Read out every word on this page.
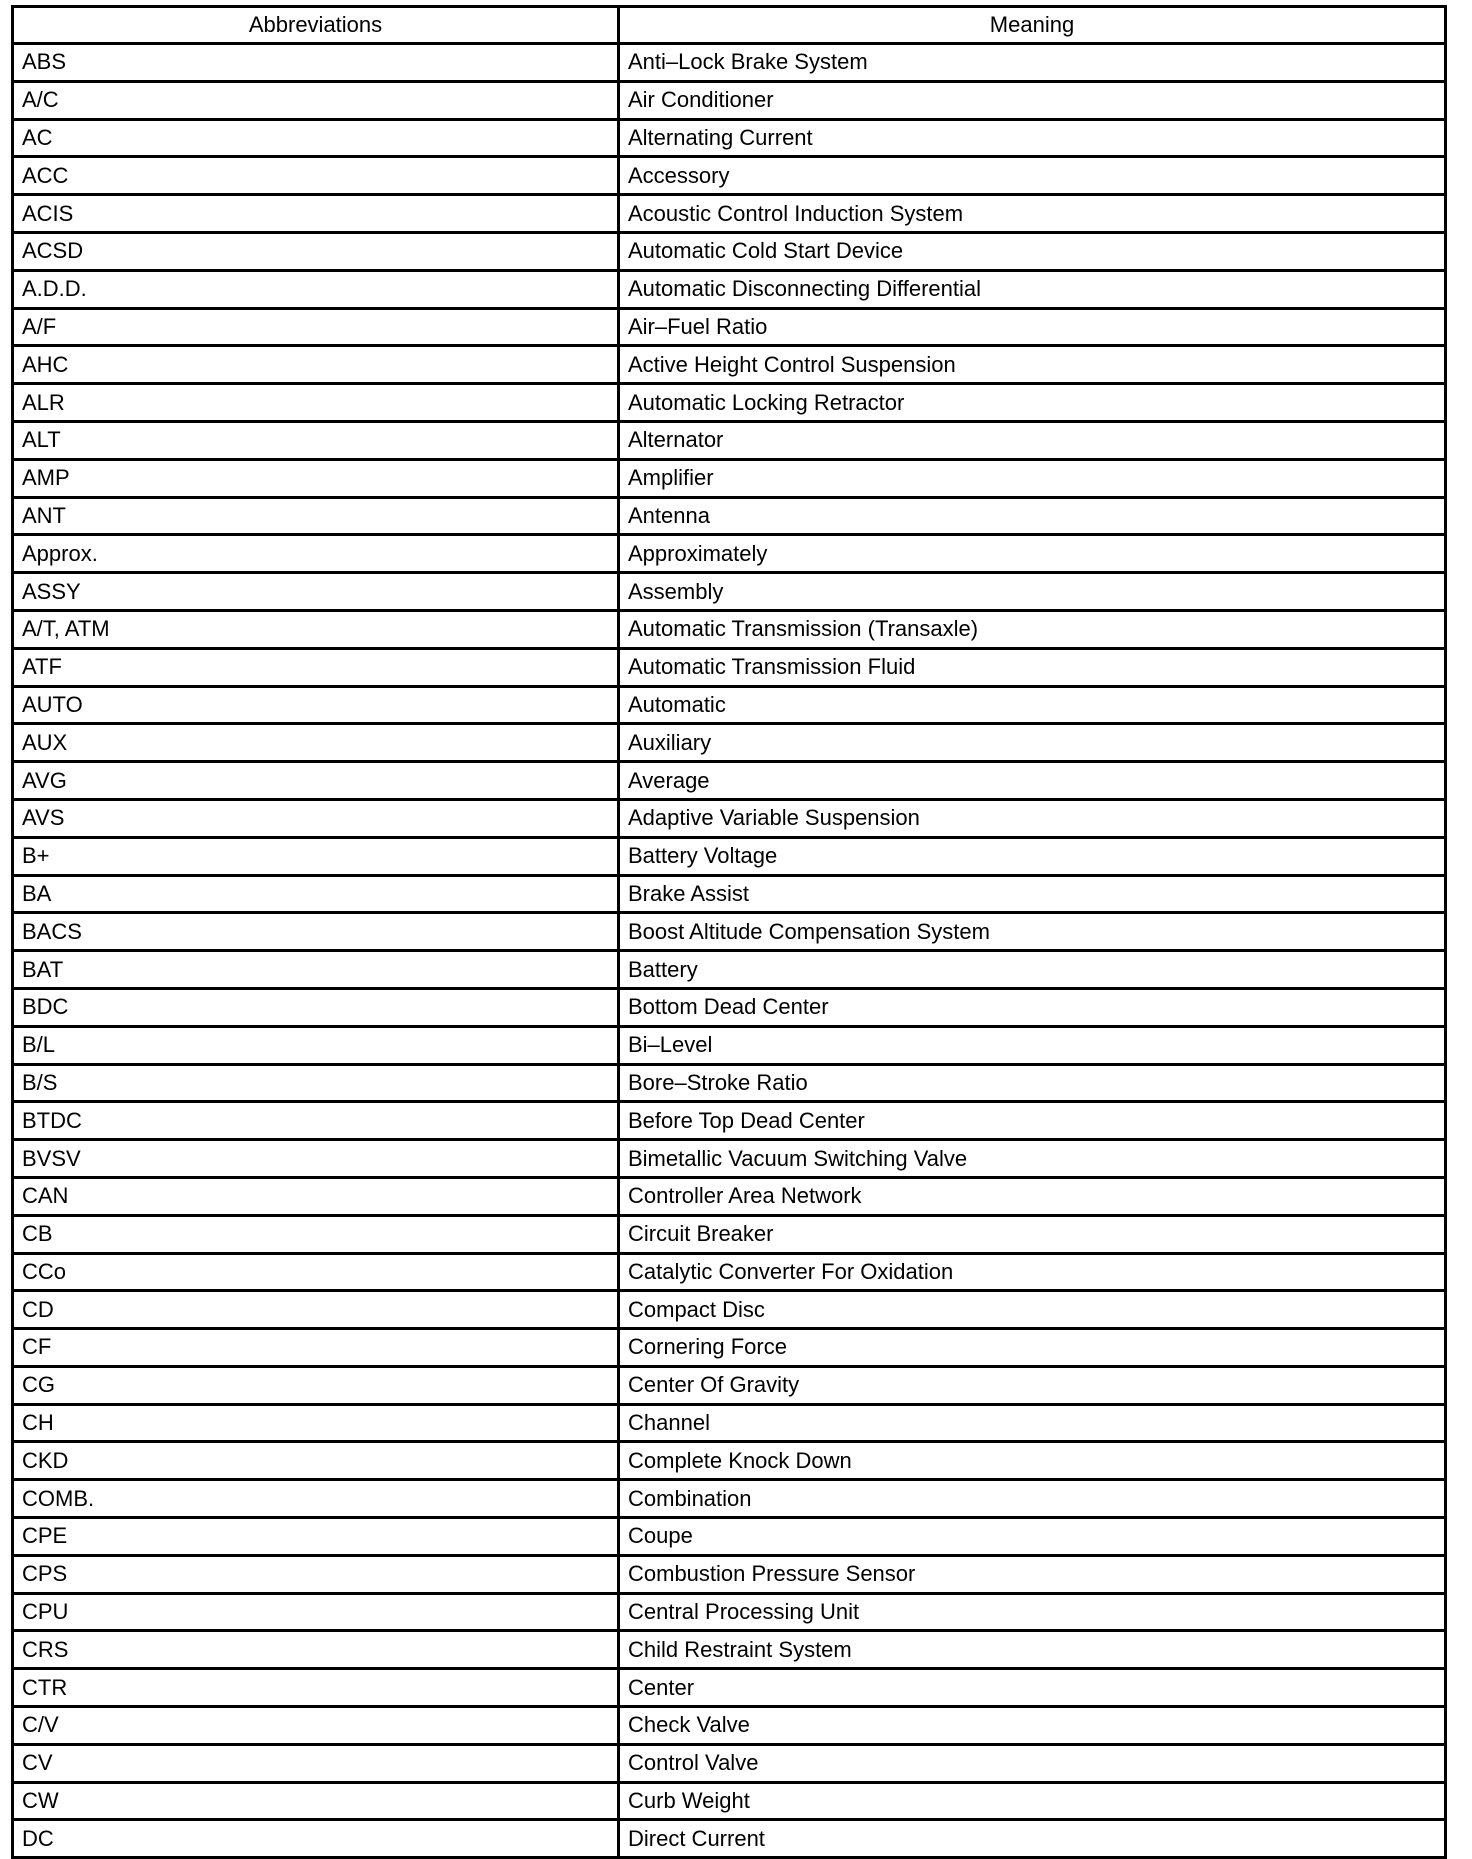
Abbreviations	Meaning
ABS	Anti–Lock Brake System
A/C	Air Conditioner
AC	Alternating Current
ACC	Accessory
ACIS	Acoustic Control Induction System
ACSD	Automatic Cold Start Device
A.D.D.	Automatic Disconnecting Differential
A/F	Air–Fuel Ratio
AHC	Active Height Control Suspension
ALR	Automatic Locking Retractor
ALT	Alternator
AMP	Amplifier
ANT	Antenna
Approx.	Approximately
ASSY	Assembly
A/T, ATM	Automatic Transmission (Transaxle)
ATF	Automatic Transmission Fluid
AUTO	Automatic
AUX	Auxiliary
AVG	Average
AVS	Adaptive Variable Suspension
B+	Battery Voltage
BA	Brake Assist
BACS	Boost Altitude Compensation System
BAT	Battery
BDC	Bottom Dead Center
B/L	Bi–Level
B/S	Bore–Stroke Ratio
BTDC	Before Top Dead Center
BVSV	Bimetallic Vacuum Switching Valve
CAN	Controller Area Network
CB	Circuit Breaker
CCo	Catalytic Converter For Oxidation
CD	Compact Disc
CF	Cornering Force
CG	Center Of Gravity
CH	Channel
CKD	Complete Knock Down
COMB.	Combination
CPE	Coupe
CPS	Combustion Pressure Sensor
CPU	Central Processing Unit
CRS	Child Restraint System
CTR	Center
C/V	Check Valve
CV	Control Valve
CW	Curb Weight
DC	Direct Current
